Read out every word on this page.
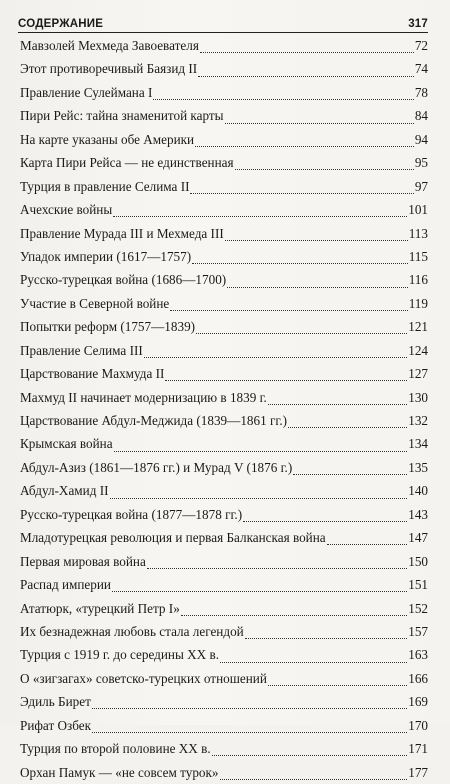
СОДЕРЖАНИЕ	317
Мавзолей Мехмеда Завоевателя	72
Этот противоречивый Баязид II	74
Правление Сулеймана I	78
Пири Рейс: тайна знаменитой карты	84
На карте указаны обе Америки	94
Карта Пири Рейса — не единственная	95
Турция в правление Селима II	97
Ачехские войны	101
Правление Мурада III и Мехмеда III	113
Упадок империи (1617—1757)	115
Русско-турецкая война (1686—1700)	116
Участие в Северной войне	119
Попытки реформ (1757—1839)	121
Правление Селима III	124
Царствование Махмуда II	127
Махмуд II начинает модернизацию в 1839 г.	130
Царствование Абдул-Меджида (1839—1861 гг.)	132
Крымская война	134
Абдул-Азиз (1861—1876 гг.) и Мурад V (1876 г.)	135
Абдул-Хамид II	140
Русско-турецкая война (1877—1878 гг.)	143
Младотурецкая революция и первая Балканская война	147
Первая мировая война	150
Распад империи	151
Ататюрк, «турецкий Петр I»	152
Их безнадежная любовь стала легендой	157
Турция с 1919 г. до середины XX в.	163
О «зигзагах» советско-турецких отношений	166
Эдиль Бирет	169
Рифат Озбек	170
Турция по второй половине XX в.	171
Орхан Памук — «не совсем турок»	177
